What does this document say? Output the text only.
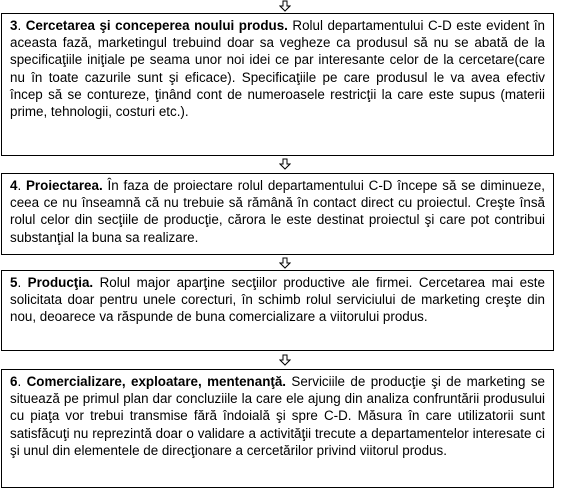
3. Cercetarea şi conceperea noului produs. Rolul departamentului C-D este evident în aceasta fază, marketingul trebuind doar sa vegheze ca produsul să nu se abată de la specificaţiile iniţiale pe seama unor noi idei ce par interesante celor de la cercetare(care nu în toate cazurile sunt şi eficace). Specificaţiile pe care produsul le va avea efectiv încep să se contureze, ţinând cont de numeroasele restricţii la care este supus (materii prime, tehnologii, costuri etc.).
4. Proiectarea. În faza de proiectare rolul departamentului C-D începe să se diminueze, ceea ce nu înseamnă că nu trebuie să rămână în contact direct cu proiectul. Creşte însă rolul celor din secţiile de producţie, cărora le este destinat proiectul şi care pot contribui substanţial la buna sa realizare.
5. Producţia. Rolul major aparţine secţiilor productive ale firmei. Cercetarea mai este solicitata doar pentru unele corecturi, în schimb rolul serviciului de marketing creşte din nou, deoarece va răspunde de buna comercializare a viitorului produs.
6. Comercializare, exploatare, mentenanţă. Serviciile de producţie şi de marketing se situează pe primul plan dar concluziile la care ele ajung din analiza confruntării produsului cu piaţa vor trebui transmise fără îndoială şi spre C-D. Măsura în care utilizatorii sunt satisfăcuţi nu reprezintă doar o validare a activităţii trecute a departamentelor interesate ci şi unul din elementele de direcţionare a cercetărilor privind viitorul produs.
